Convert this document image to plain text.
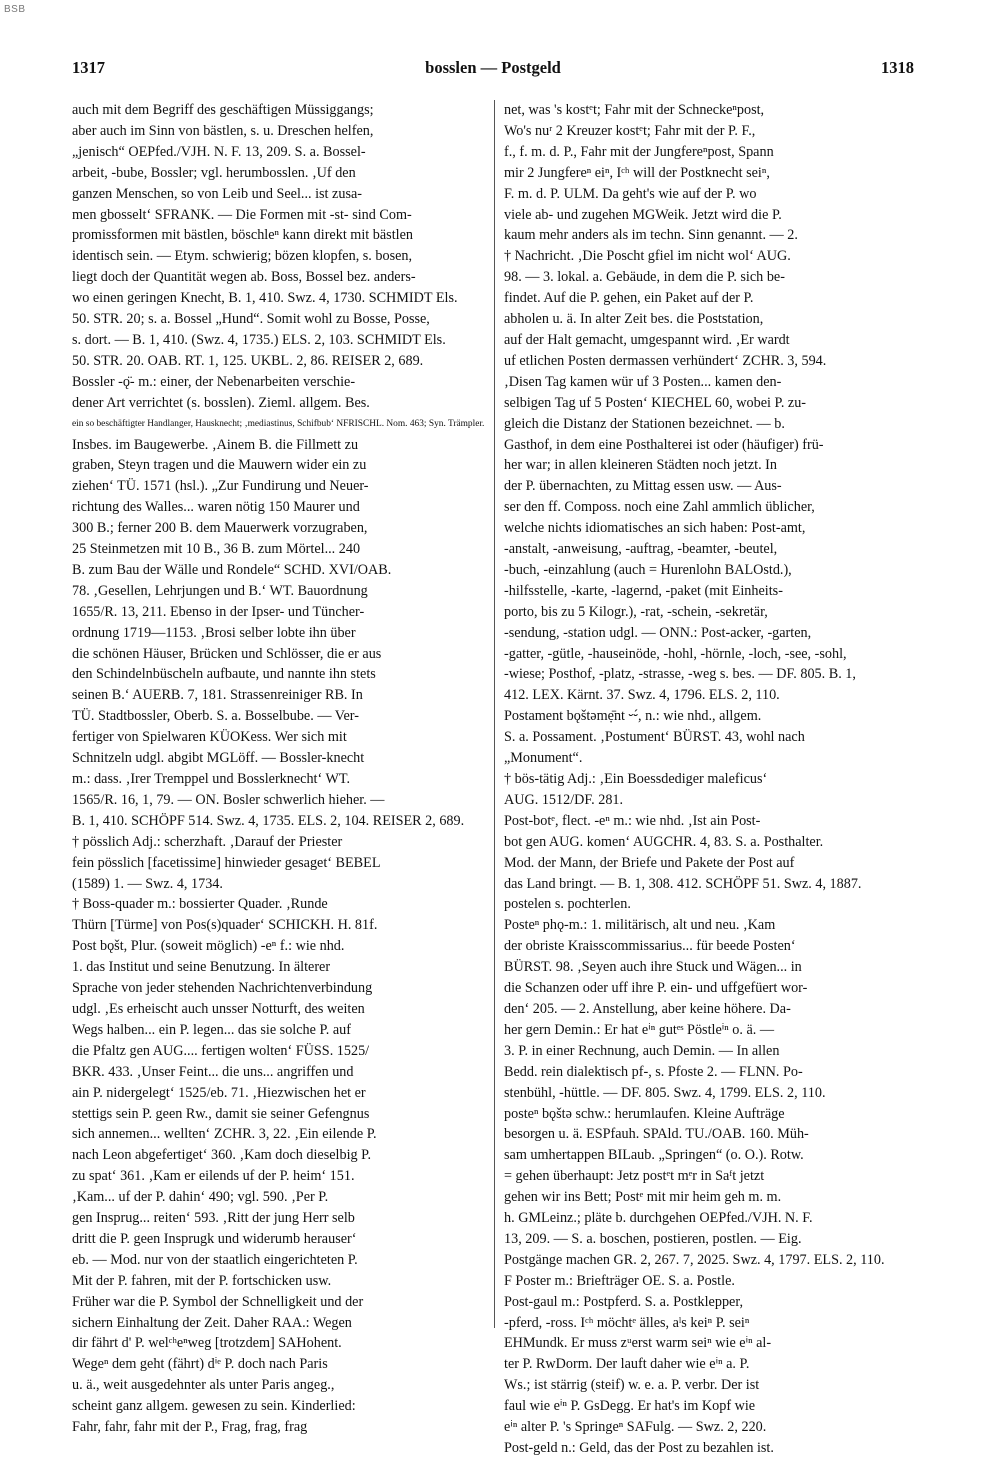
BSB
1317	bosslen — Postgeld	1318

auch mit dem Begriff des geschäftigen Müssiggangs;

aber auch im Sinn von bästlen, s. u. Dreschen helfen,

„jenisch“ OEPfed./VJH. N. F. 13, 209. S. a. Bossel-

arbeit, -bube, Bossler; vgl. herumbosslen. ‚Uf den

ganzen Menschen, so von Leib und Seel... ist zusa-

men gbosselt‘ SFRANK. — Die Formen mit -st- sind Com-

promissformen mit bästlen, böschleⁿ kann direkt mit bästlen

identisch sein. — Etym. schwierig; bözen klopfen, s. bosen,

liegt doch der Quantität wegen ab. Boss, Bossel bez. anders-

wo einen geringen Knecht, B. 1, 410. Swz. 4, 1730. SCHMIDT Els.

50. STR. 20; s. a. Bossel „Hund“. Somit wohl zu Bosse, Posse,

s. dort. — B. 1, 410. (Swz. 4, 1735.) ELS. 2, 103. SCHMIDT Els.

50. STR. 20. OAB. RT. 1, 125. UKBL. 2, 86. REISER 2, 689.

Bossler -ǫ̈- m.: einer, der Nebenarbeiten verschie-

dener Art verrichtet (s. bosslen). Zieml. allgem. Bes.

ein so beschäftigter Handlanger, Hausknecht; ‚mediastinus, Schifbub‘ NFRISCHL. Nom. 463; Syn. Trämpler.

Insbes. im Baugewerbe. ‚Ainem B. die Fillmett zu

graben, Steyn tragen und die Mauwern wider ein zu

ziehen‘ TÜ. 1571 (hsl.). „Zur Fundirung und Neuer-

richtung des Walles... waren nötig 150 Maurer und

300 B.; ferner 200 B. dem Mauerwerk vorzugraben,

25 Steinmetzen mit 10 B., 36 B. zum Mörtel... 240

B. zum Bau der Wälle und Rondele“ SCHD. XVI/OAB.

78. ‚Gesellen, Lehrjungen und B.‘ WT. Bauordnung

1655/R. 13, 211. Ebenso in der Ipser- und Tüncher-

ordnung 1719—1153. ‚Brosi selber lobte ihn über

die schönen Häuser, Brücken und Schlösser, die er aus

den Schindelnbüscheln aufbaute, und nannte ihn stets

seinen B.‘ AUERB. 7, 181. Strassenreiniger RB. In

TÜ. Stadtbossler, Oberb. S. a. Bosselbube. — Ver-

fertiger von Spielwaren KÜOKess. Wer sich mit

Schnitzeln udgl. abgibt MGLöff. — Bossler-knecht

m.: dass. ‚Irer Tremppel und Bosslerknecht‘ WT.

1565/R. 16, 1, 79. — ON. Bosler schwerlich hieher. —

B. 1, 410. SCHÖPF 514. Swz. 4, 1735. ELS. 2, 104. REISER 2, 689.

† pösslich Adj.: scherzhaft. ‚Darauf der Priester

fein pösslich [facetissime] hinwieder gesaget‘ BEBEL

(1589) 1. — Swz. 4, 1734.

† Boss-quader m.: bossierter Quader. ‚Runde

Thürn [Türme] von Pos(s)quader‘ SCHICKH. H. 81f.

Post bǫšt, Plur. (soweit möglich) -eⁿ f.: wie nhd.

1. das Institut und seine Benutzung. In älterer

Sprache von jeder stehenden Nachrichtenverbindung

udgl. ‚Es erheischt auch unsser Notturft, des weiten

Wegs halben... ein P. legen... das sie solche P. auf

die Pfaltz gen AUG.... fertigen wolten‘ FÜSS. 1525/

BKR. 433. ‚Unser Feint... die uns... angriffen und

ain P. nidergelegt‘ 1525/eb. 71. ‚Hiezwischen het er

stettigs sein P. geen Rw., damit sie seiner Gefengnus

sich annemen... wellten‘ ZCHR. 3, 22. ‚Ein eilende P.

nach Leon abgefertiget‘ 360. ‚Kam doch dieselbig P.

zu spat‘ 361. ‚Kam er eilends uf der P. heim‘ 151.

‚Kam... uf der P. dahin‘ 490; vgl. 590. ‚Per P.

gen Insprug... reiten‘ 593. ‚Ritt der jung Herr selb

dritt die P. geen Insprugk und widerumb herauser‘

eb. — Mod. nur von der staatlich eingerichteten P.

Mit der P. fahren, mit der P. fortschicken usw.

Früher war die P. Symbol der Schnelligkeit und der

sichern Einhaltung der Zeit. Daher RAA.: Wegen

dir fährt d' P. welᶜʰeⁿweg [trotzdem] SAHohent.

Wegeⁿ dem geht (fährt) dⁱᵉ P. doch nach Paris

u. ä., weit ausgedehnter als unter Paris angeg.,

scheint ganz allgem. gewesen zu sein. Kinderlied:

Fahr, fahr, fahr mit der P., Frag, frag, frag

net, was 's kostᵉt; Fahr mit der Schneckeⁿpost,

Wo's nuʳ 2 Kreuzer kostᵉt; Fahr mit der P. F.,

f., f. m. d. P., Fahr mit der Jungfereⁿpost, Spann

mir 2 Jungfereⁿ eiⁿ, Iᶜʰ will der Postknecht seiⁿ,

F. m. d. P. ULM. Da geht's wie auf der P. wo

viele ab- und zugehen MGWeik. Jetzt wird die P.

kaum mehr anders als im techn. Sinn genannt. — 2.

† Nachricht. ‚Die Poscht gfiel im nicht wol‘ AUG.

98. — 3. lokal. a. Gebäude, in dem die P. sich be-

findet. Auf die P. gehen, ein Paket auf der P.

abholen u. ä. In alter Zeit bes. die Poststation,

auf der Halt gemacht, umgespannt wird. ‚Er wardt

uf etlichen Posten dermassen verhündert‘ ZCHR. 3, 594.

‚Disen Tag kamen wür uf 3 Posten... kamen den-

selbigen Tag uf 5 Posten‘ KIECHEL 60, wobei P. zu-

gleich die Distanz der Stationen bezeichnet. — b.

Gasthof, in dem eine Posthalterei ist oder (häufiger) frü-

her war; in allen kleineren Städten noch jetzt. In

der P. übernachten, zu Mittag essen usw. — Aus-

ser den ff. Composs. noch eine Zahl ammlich üblicher,

welche nichts idiomatisches an sich haben: Post-amt,

-anstalt, -anweisung, -auftrag, -beamter, -beutel,

-buch, -einzahlung (auch = Hurenlohn BALOstd.),

-hilfsstelle, -karte, -lagernd, -paket (mit Einheits-

porto, bis zu 5 Kilogr.), -rat, -schein, -sekretär,

-sendung, -station udgl. — ONN.: Post-acker, -garten,

-gatter, -gütle, -hauseinöde, -hohl, -hörnle, -loch, -see, -sohl,

-wiese; Posthof, -platz, -strasse, -weg s. bes. — DF. 805. B. 1,

412. LEX. Kärnt. 37. Swz. 4, 1796. ELS. 2, 110.

Postament bǫštəmẹ̄nt ⏑⏑́, n.: wie nhd., allgem.

S. a. Possament. ‚Postument‘ BÜRST. 43, wohl nach

„Monument“.

† bös-tätig Adj.: ‚Ein Boessdediger maleficus‘

AUG. 1512/DF. 281.

Post-botᵉ, flect. -eⁿ m.: wie nhd. ‚Ist ain Post-

bot gen AUG. komen‘ AUGCHR. 4, 83. S. a. Posthalter.

Mod. der Mann, der Briefe und Pakete der Post auf

das Land bringt. — B. 1, 308. 412. SCHÖPF 51. Swz. 4, 1887.

postelen s. pochterlen.

Posteⁿ phǫ-m.: 1. militärisch, alt und neu. ‚Kam

der obriste Kraisscommissarius... für beede Posten‘

BÜRST. 98. ‚Seyen auch ihre Stuck und Wägen... in

die Schanzen oder uff ihre P. ein- und uffgefüert wor-

den‘ 205. — 2. Anstellung, aber keine höhere. Da-

her gern Demin.: Er hat eⁱⁿ gutᵉˢ Pöstleⁱⁿ o. ä. —

3. P. in einer Rechnung, auch Demin. — In allen

Bedd. rein dialektisch pf-, s. Pfoste 2. — FLNN. Po-

stenbühl, -hüttle. — DF. 805. Swz. 4, 1799. ELS. 2, 110.

posteⁿ bǫštə schw.: herumlaufen. Kleine Aufträge

besorgen u. ä. ESPfauh. SPAld. TU./OAB. 160. Müh-

sam umhertappen BILaub. „Springen“ (o. O.). Rotw.

= gehen überhaupt: Jetz postᵉt mᵉr in Saᶠt jetzt

gehen wir ins Bett; Postᵉ mit mir heim geh m. m.

h. GMLeinz.; pläte b. durchgehen OEPfed./VJH. N. F.

13, 209. — S. a. boschen, postieren, postlen. — Eig.

Postgänge machen GR. 2, 267. 7, 2025. Swz. 4, 1797. ELS. 2, 110.

F Poster m.: Briefträger OE. S. a. Postle.

Post-gaul m.: Postpferd. S. a. Postklepper,

-pferd, -ross. Iᶜʰ möchtᵉ älles, aˡs keiⁿ P. seiⁿ

EHMundk. Er muss zᵘerst warm seiⁿ wie eⁱⁿ al-

ter P. RwDorm. Der lauft daher wie eⁱⁿ a. P.

Ws.; ist stärrig (steif) w. e. a. P. verbr. Der ist

faul wie eⁱⁿ P. GsDegg. Er hat's im Kopf wie

eⁱⁿ alter P. 's Springeⁿ SAFulg. — Swz. 2, 220.

Post-geld n.: Geld, das der Post zu bezahlen ist.
